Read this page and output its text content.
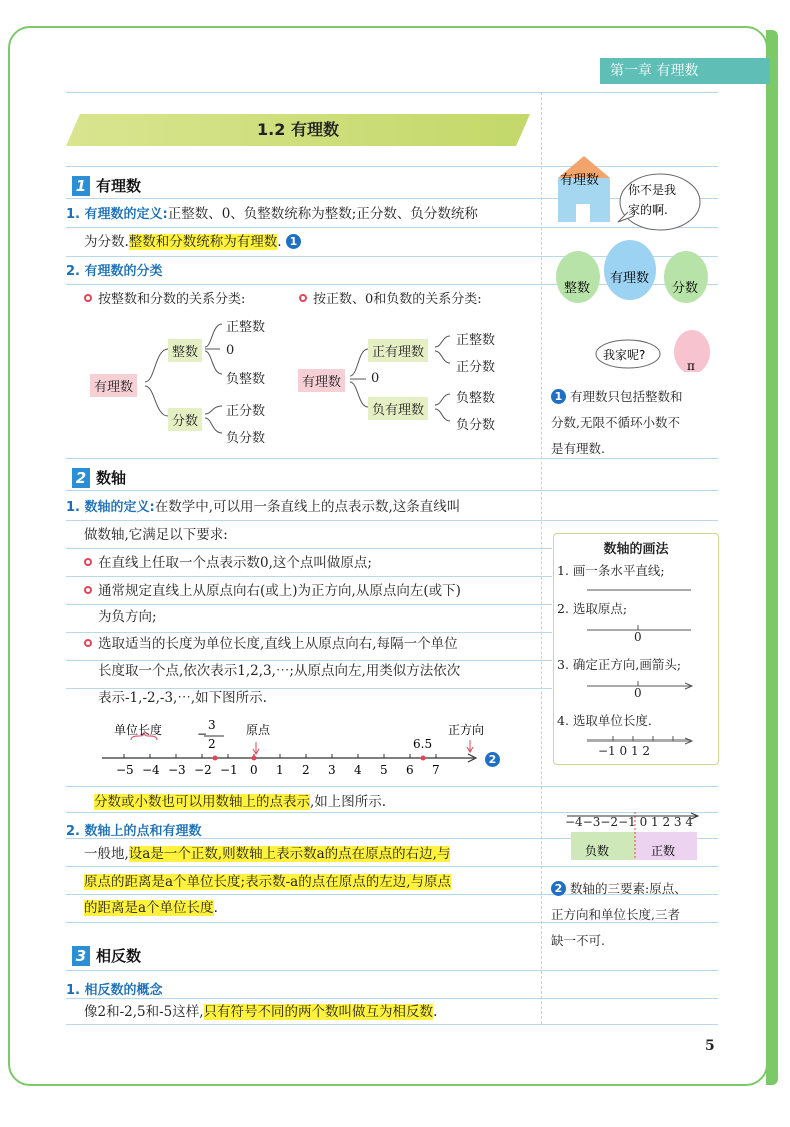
第一章 有理数
1.2 有理数
1 有理数
1. 有理数的定义:正整数、0、负整数统称为整数;正分数、负分数统称
为分数.整数和分数统称为有理数. 1
2. 有理数的分类
按整数和分数的关系分类:	按正数、0和负数的关系分类:
有理数
整数
分数
正整数
0
负整数
正分数
负分数
有理数
正有理数
0
负有理数
正整数
正分数
负整数
负分数
2 数轴
1. 数轴的定义:在数学中,可以用一条直线上的点表示数,这条直线叫
做数轴,它满足以下要求:
在直线上任取一个点表示数0,这个点叫做原点;
通常规定直线上从原点向右(或上)为正方向,从原点向左(或下)
为负方向;
选取适当的长度为单位长度,直线上从原点向右,每隔一个单位
长度取一个点,依次表示1,2,3,⋯;从原点向左,用类似方法依次
表示-1,-2,-3,⋯,如下图所示.
3
2
−
单位长度	原点	正方向
6.5
−5 −4 −3 −2 −1 0 1 2 3 4 5 6 7
2
分数或小数也可以用数轴上的点表示,如上图所示.
2. 数轴上的点和有理数
一般地,设a是一个正数,则数轴上表示数a的点在原点的右边,与
原点的距离是a个单位长度;表示数-a的点在原点的左边,与原点
的距离是a个单位长度.
3 相反数
1. 相反数的概念
像2和-2,5和-5这样,只有符号不同的两个数叫做互为相反数.
有理数
你不是我
家的啊.
整数
有理数
分数
我家呢?
π
1 有理数只包括整数和
分数,无限不循环小数不
是有理数.
数轴的画法
1. 画一条水平直线;
2. 选取原点;
0
3. 确定正方向,画箭头;
0
4. 选取单位长度.
−1 0 1 2
负数	正数
−4−3−2−1 0 1 2 3 4
2 数轴的三要素:原点、
正方向和单位长度,三者
缺一不可.
5
